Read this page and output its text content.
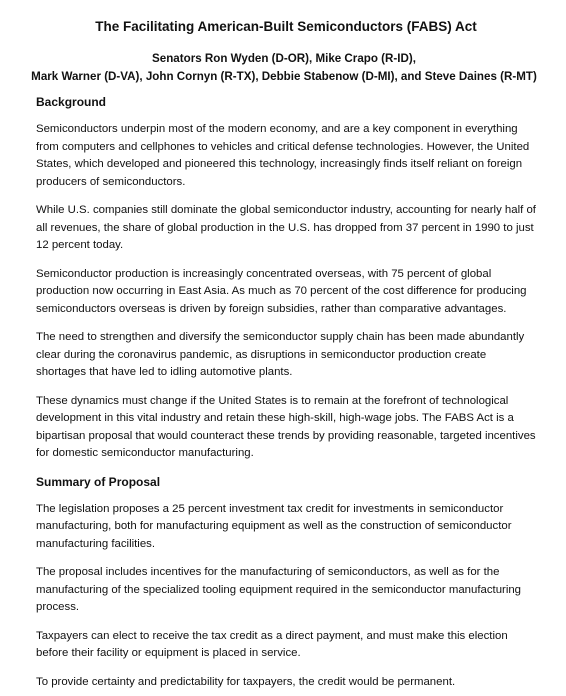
The Facilitating American-Built Semiconductors (FABS) Act
Senators Ron Wyden (D-OR), Mike Crapo (R-ID),
Mark Warner (D-VA), John Cornyn (R-TX), Debbie Stabenow (D-MI), and Steve Daines (R-MT)
Background

Semiconductors underpin most of the modern economy, and are a key component in everything from computers and cellphones to vehicles and critical defense technologies. However, the United States, which developed and pioneered this technology, increasingly finds itself reliant on foreign producers of semiconductors.

While U.S. companies still dominate the global semiconductor industry, accounting for nearly half of all revenues, the share of global production in the U.S. has dropped from 37 percent in 1990 to just 12 percent today.

Semiconductor production is increasingly concentrated overseas, with 75 percent of global production now occurring in East Asia. As much as 70 percent of the cost difference for producing semiconductors overseas is driven by foreign subsidies, rather than comparative advantages.

The need to strengthen and diversify the semiconductor supply chain has been made abundantly clear during the coronavirus pandemic, as disruptions in semiconductor production create shortages that have led to idling automotive plants.

These dynamics must change if the United States is to remain at the forefront of technological development in this vital industry and retain these high-skill, high-wage jobs. The FABS Act is a bipartisan proposal that would counteract these trends by providing reasonable, targeted incentives for domestic semiconductor manufacturing.

Summary of Proposal

The legislation proposes a 25 percent investment tax credit for investments in semiconductor manufacturing, both for manufacturing equipment as well as the construction of semiconductor manufacturing facilities.

The proposal includes incentives for the manufacturing of semiconductors, as well as for the manufacturing of the specialized tooling equipment required in the semiconductor manufacturing process.

Taxpayers can elect to receive the tax credit as a direct payment, and must make this election before their facility or equipment is placed in service.

To provide certainty and predictability for taxpayers, the credit would be permanent.
